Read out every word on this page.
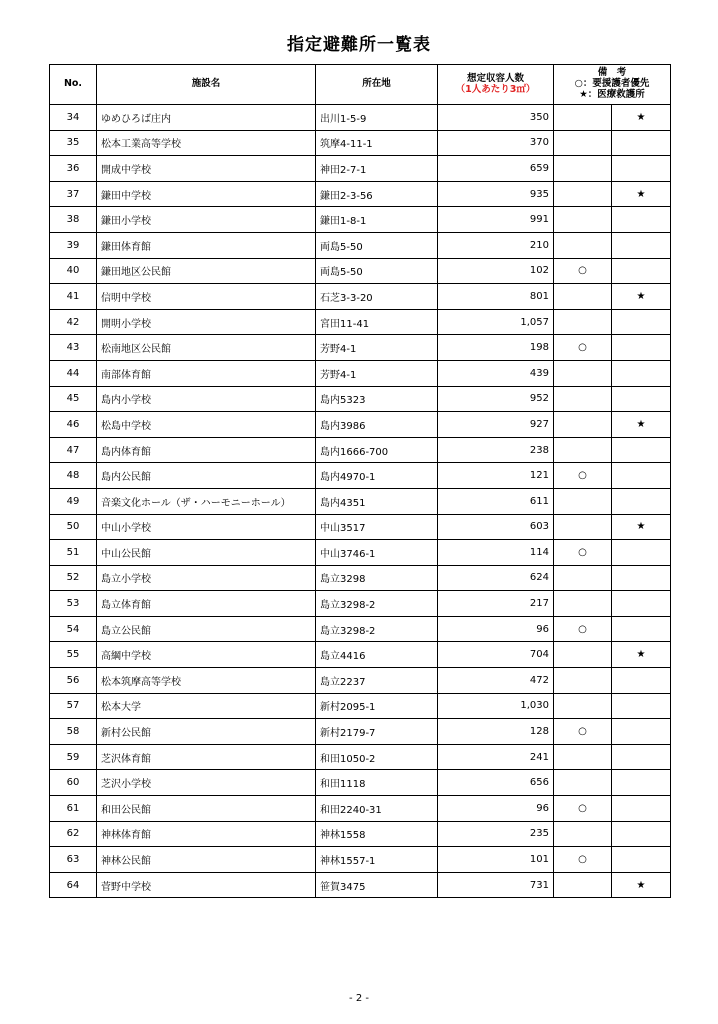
指定避難所一覧表
No.	施設名	所在地	想定収容人数
（1人あたり3㎡）	備　考
○：要援護者優先
★：医療救護所	

34	ゆめひろば庄内	出川1-5-9	350		★
35	松本工業高等学校	筑摩4-11-1	370		
36	開成中学校	神田2-7-1	659		
37	鎌田中学校	鎌田2-3-56	935		★
38	鎌田小学校	鎌田1-8-1	991		
39	鎌田体育館	両島5-50	210		
40	鎌田地区公民館	両島5-50	102	○	
41	信明中学校	石芝3-3-20	801		★
42	開明小学校	宮田11-41	1,057		
43	松南地区公民館	芳野4-1	198	○	
44	南部体育館	芳野4-1	439		
45	島内小学校	島内5323	952		
46	松島中学校	島内3986	927		★
47	島内体育館	島内1666-700	238		
48	島内公民館	島内4970-1	121	○	
49	音楽文化ホール（ザ・ハーモニーホール）	島内4351	611		
50	中山小学校	中山3517	603		★
51	中山公民館	中山3746-1	114	○	
52	島立小学校	島立3298	624		
53	島立体育館	島立3298-2	217		
54	島立公民館	島立3298-2	96	○	
55	高綱中学校	島立4416	704		★
56	松本筑摩高等学校	島立2237	472		
57	松本大学	新村2095-1	1,030		
58	新村公民館	新村2179-7	128	○	
59	芝沢体育館	和田1050-2	241		
60	芝沢小学校	和田1118	656		
61	和田公民館	和田2240-31	96	○	
62	神林体育館	神林1558	235		
63	神林公民館	神林1557-1	101	○	
64	菅野中学校	笹賀3475	731		★
- 2 -
